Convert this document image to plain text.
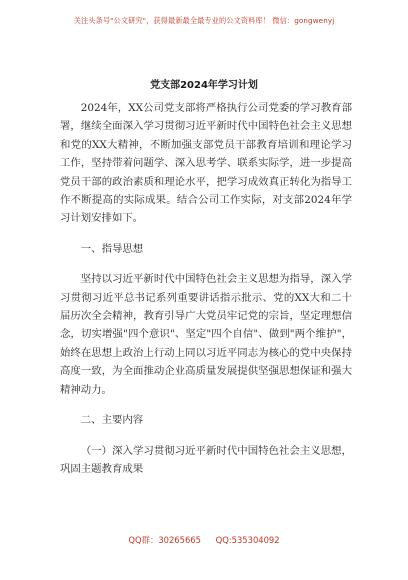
关注头条号"公文研究"，获得最新最全最专业的公文资料库！ 微信：gongwenyj
党支部2024年学习计划

2024年，XX公司党支部将严格执行公司党委的学习教育部署，继续全面深入学习贯彻习近平新时代中国特色社会主义思想和党的XX大精神，不断加强支部党员干部教育培训和理论学习工作，坚持带着问题学、深入思考学、联系实际学，进一步提高党员干部的政治素质和理论水平，把学习成效真正转化为指导工作不断提高的实际成果。结合公司工作实际，对支部2024年学习计划安排如下。

一、指导思想

坚持以习近平新时代中国特色社会主义思想为指导，深入学习贯彻习近平总书记系列重要讲话指示批示、党的XX大和二十届历次全会精神，教育引导广大党员牢记党的宗旨，坚定理想信念，切实增强"四个意识"、坚定"四个自信"、做到"两个维护"，始终在思想上政治上行动上同以习近平同志为核心的党中央保持高度一致，为全面推动企业高质量发展提供坚强思想保证和强大精神动力。

二、主要内容

（一）深入学习贯彻习近平新时代中国特色社会主义思想，巩固主题教育成果

QQ群：30265665 QQ:535304092
